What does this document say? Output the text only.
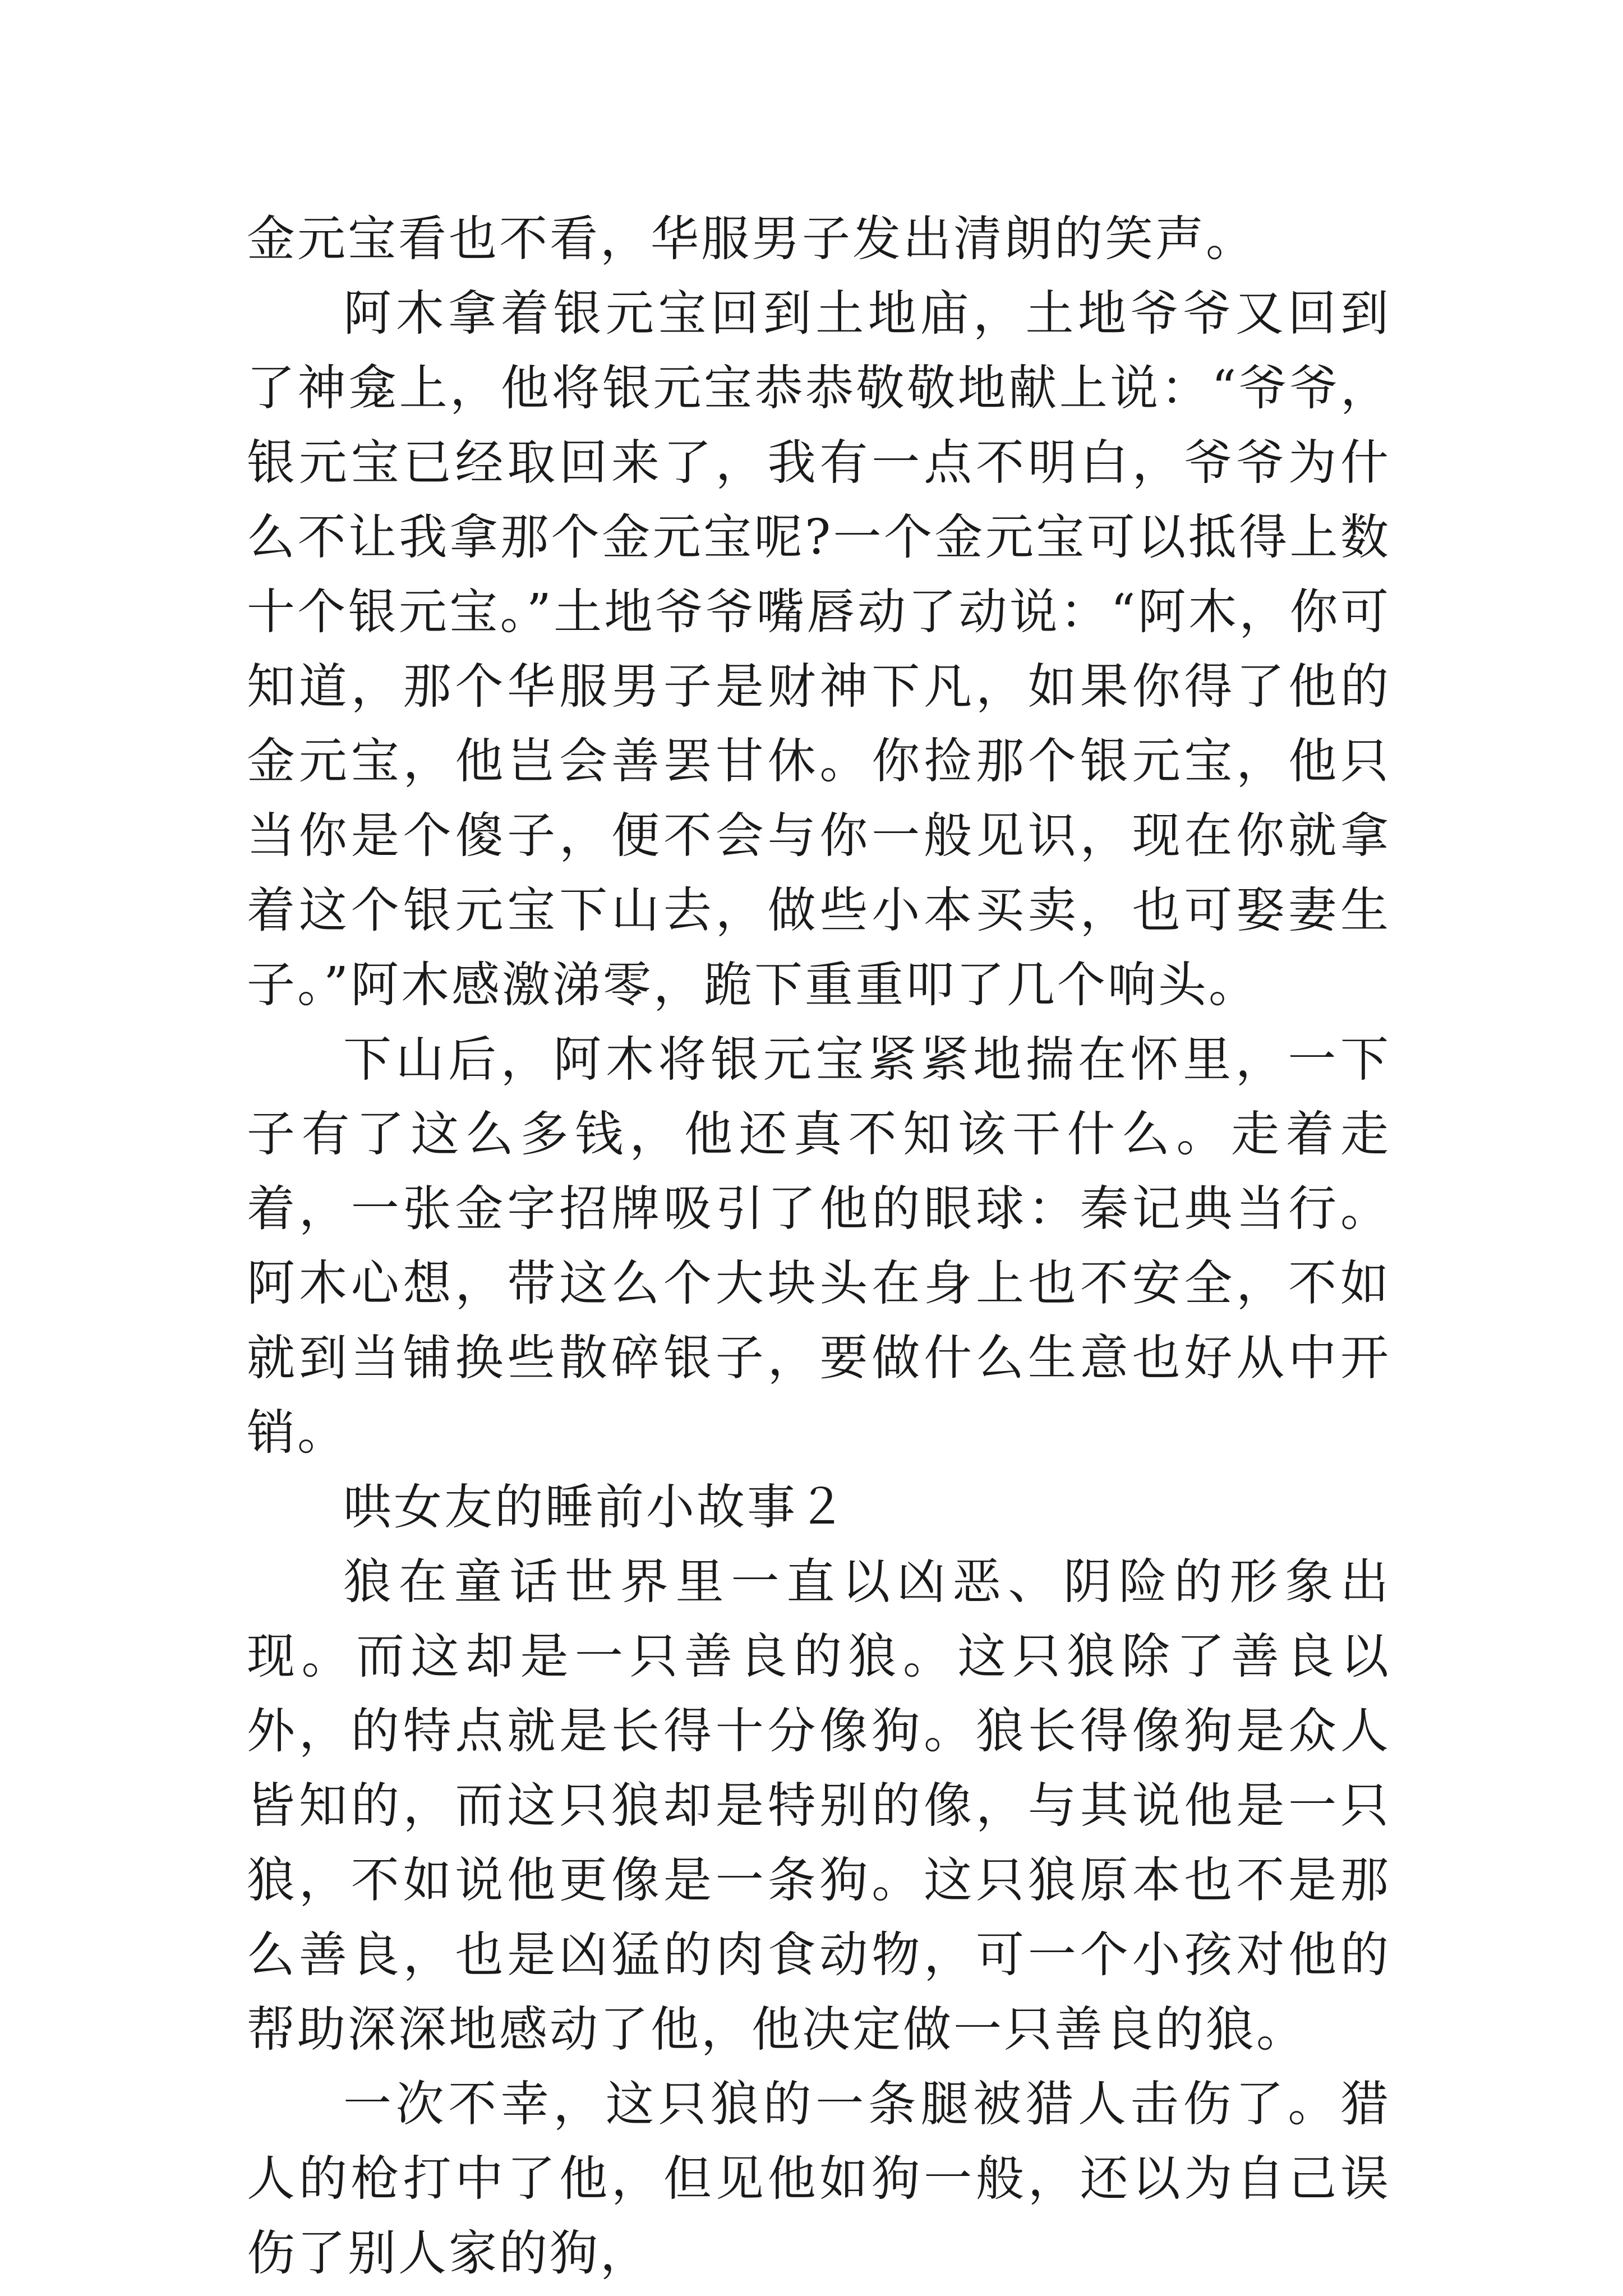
金元宝看也不看，华服男子发出清朗的笑声。

阿木拿着银元宝回到土地庙，土地爷爷又回到了神龛上，他将银元宝恭恭敬敬地献上说：“爷爷，银元宝已经取回来了，我有一点不明白，爷爷为什么不让我拿那个金元宝呢?一个金元宝可以抵得上数十个银元宝。”土地爷爷嘴唇动了动说：“阿木，你可知道，那个华服男子是财神下凡，如果你得了他的金元宝，他岂会善罢甘休。你捡那个银元宝，他只当你是个傻子，便不会与你一般见识，现在你就拿着这个银元宝下山去，做些小本买卖，也可娶妻生子。”阿木感激涕零，跪下重重叩了几个响头。

下山后，阿木将银元宝紧紧地揣在怀里，一下子有了这么多钱，他还真不知该干什么。走着走着，一张金字招牌吸引了他的眼球：秦记典当行。阿木心想，带这么个大块头在身上也不安全，不如就到当铺换些散碎银子，要做什么生意也好从中开销。

哄女友的睡前小故事２

狼在童话世界里一直以凶恶、阴险的形象出现。而这却是一只善良的狼。这只狼除了善良以外，的特点就是长得十分像狗。狼长得像狗是众人皆知的，而这只狼却是特别的像，与其说他是一只狼，不如说他更像是一条狗。这只狼原本也不是那么善良，也是凶猛的肉食动物，可一个小孩对他的帮助深深地感动了他，他决定做一只善良的狼。

一次不幸，这只狼的一条腿被猎人击伤了。猎人的枪打中了他，但见他如狗一般，还以为自己误伤了别人家的狗，
